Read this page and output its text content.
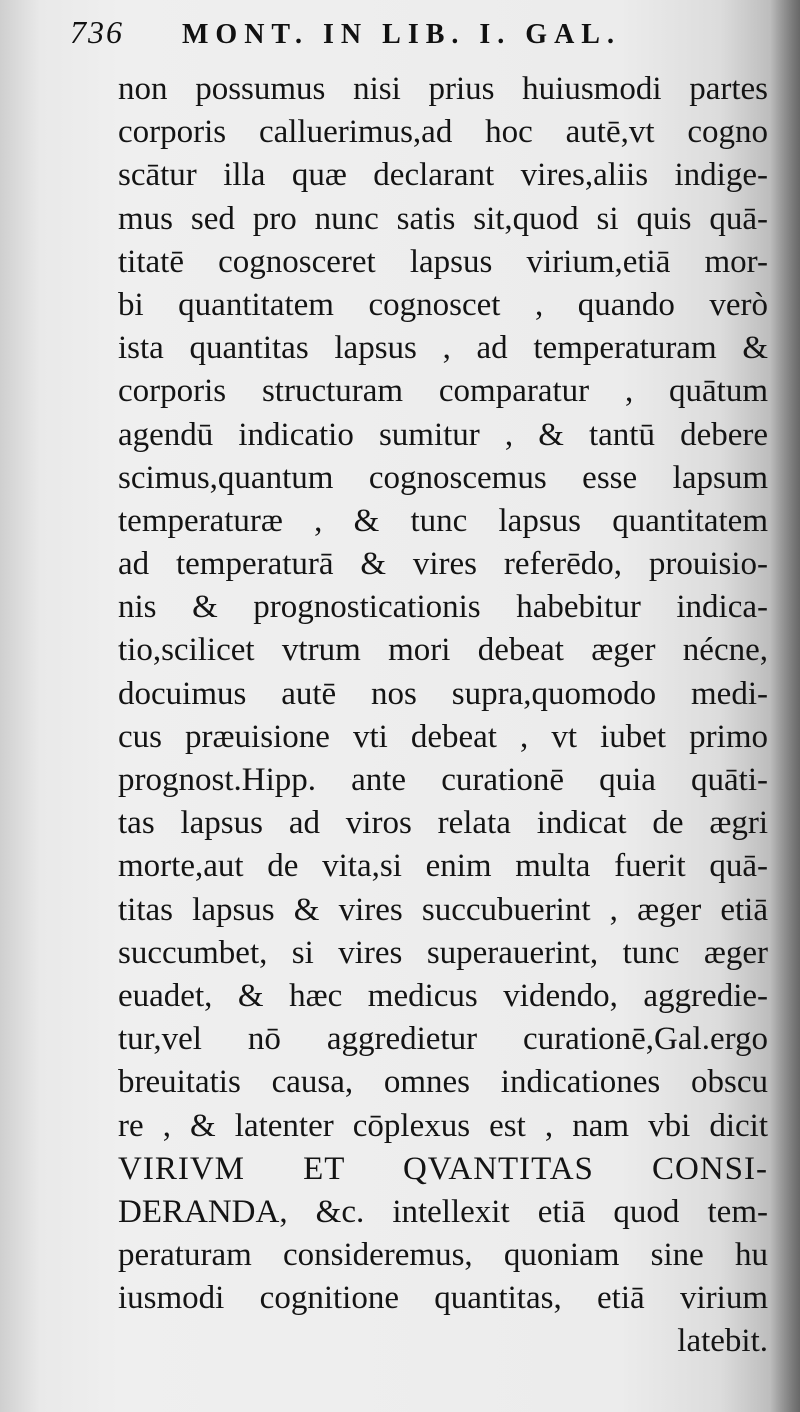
736 MONT. IN LIB. I. GAL.
non possumus nisi prius huiusmodi partes
corporis calluerimus,ad hoc autē,vt cogno
scātur illa quæ declarant vires,aliis indige-
mus sed pro nunc satis sit,quod si quis quā-
titatē cognosceret lapsus virium,etiā mor-
bi quantitatem cognoscet , quando verò
ista quantitas lapsus , ad temperaturam &
corporis structuram comparatur , quātum
agendū indicatio sumitur , & tantū debere
scimus,quantum cognoscemus esse lapsum
temperaturæ , & tunc lapsus quantitatem
ad temperaturā & vires referēdo, prouisio-
nis & prognosticationis habebitur indica-
tio,scilicet vtrum mori debeat æger nécne,
docuimus autē nos supra,quomodo medi-
cus præuisione vti debeat , vt iubet primo
prognost.Hipp. ante curationē quia quāti-
tas lapsus ad viros relata indicat de ægri
morte,aut de vita,si enim multa fuerit quā-
titas lapsus & vires succubuerint , æger etiā
succumbet, si vires superauerint, tunc æger
euadet, & hæc medicus videndo, aggredie-
tur,vel nō aggredietur curationē,Gal.ergo
breuitatis causa, omnes indicationes obscu
re , & latenter cōplexus est , nam vbi dicit
VIRIVM ET QVANTITAS CONSI-
DERANDA, &c. intellexit etiā quod tem-
peraturam consideremus, quoniam sine hu
iusmodi cognitione quantitas, etiā virium
latebit.
